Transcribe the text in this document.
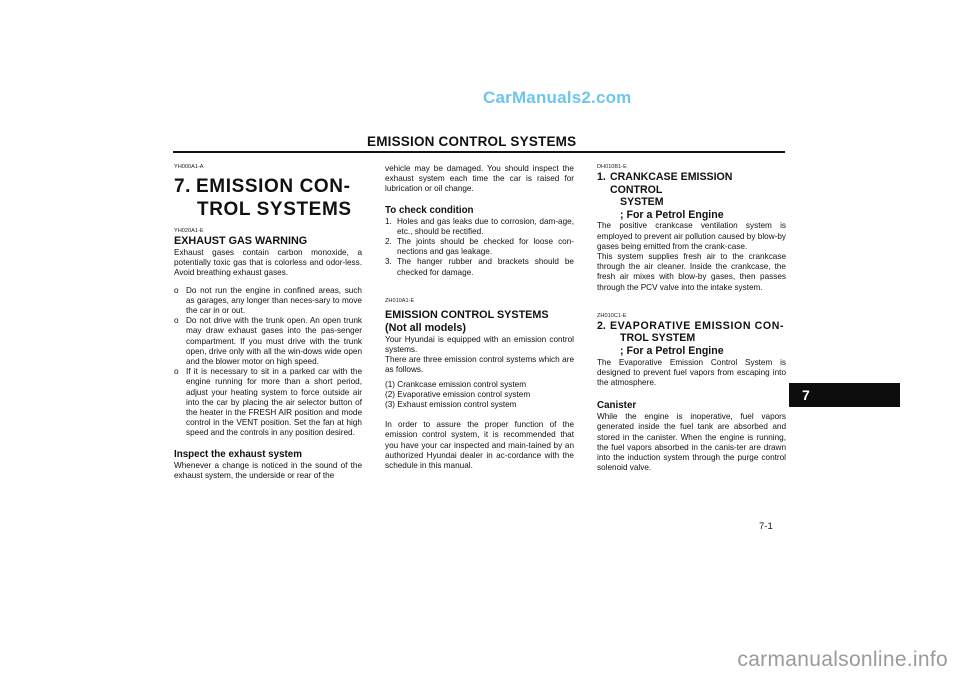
CarManuals2.com
EMISSION CONTROL SYSTEMS

YH000A1-A

7. EMISSION CON-
TROL SYSTEMS

YH020A1-E

EXHAUST GAS WARNING

Exhaust gases contain carbon monoxide, a potentially toxic gas that is colorless and odor-less. Avoid breathing exhaust gases.

o Do not run the engine in confined areas, such as garages, any longer than neces-sary to move the car in or out.
o Do not drive with the trunk open. An open trunk may draw exhaust gases into the pas-senger compartment. If you must drive with the trunk open, drive only with all the win-dows wide open and the blower motor on high speed.
o If it is necessary to sit in a parked car with the engine running for more than a short period, adjust your heating system to force outside air into the car by placing the air selector button of the heater in the FRESH AIR position and mode control in the VENT position. Set the fan at high speed and the controls in any position desired.

Inspect the exhaust system

Whenever a change is noticed in the sound of the exhaust system, the underside or rear of the

vehicle may be damaged. You should inspect the exhaust system each time the car is raised for lubrication or oil change.

To check condition

1. Holes and gas leaks due to corrosion, dam-age, etc., should be rectified.
2. The joints should be checked for loose con-nections and gas leakage.
3. The hanger rubber and brackets should be checked for damage.

ZH010A1-E

EMISSION CONTROL SYSTEMS

(Not all models)

Your Hyundai is equipped with an emission control systems.

There are three emission control systems which are as follows.

(1) Crankcase emission control system

(2) Evaporative emission control system

(3) Exhaust emission control system

In order to assure the proper function of the emission control system, it is recommended that you have your car inspected and main-tained by an authorized Hyundai dealer in ac-cordance with the schedule in this manual.

DH010B1-E

1. CRANKCASE EMISSION CONTROL
SYSTEM
; For a Petrol Engine

The positive crankcase ventilation system is employed to prevent air pollution caused by blow-by gases being emitted from the crank-case.

This system supplies fresh air to the crankcase through the air cleaner. Inside the crankcase, the fresh air mixes with blow-by gases, then passes through the PCV valve into the intake system.

ZH010C1-E

2. EVAPORATIVE EMISSION CON-
TROL SYSTEM
; For a Petrol Engine

The Evaporative Emission Control System is designed to prevent fuel vapors from escaping into the atmosphere.

Canister

While the engine is inoperative, fuel vapors generated inside the fuel tank are absorbed and stored in the canister. When the engine is running, the fuel vapors absorbed in the canis-ter are drawn into the induction system through the purge control solenoid valve.

7
7-1
carmanualsonline.info
